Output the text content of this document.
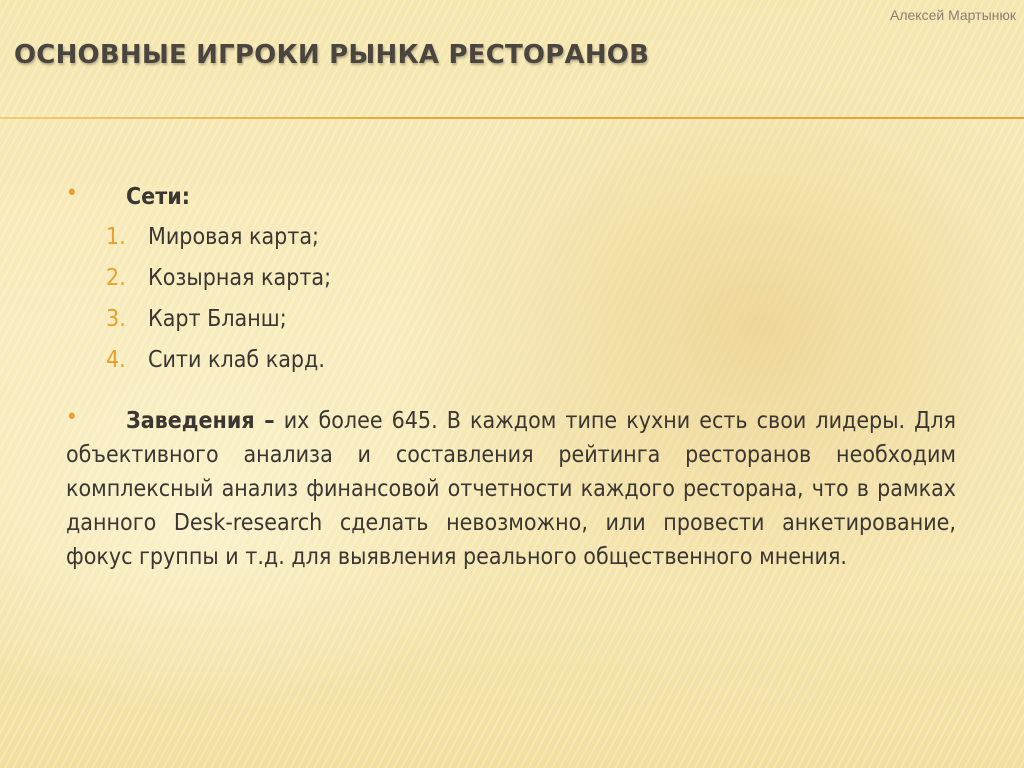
Алексей Мартынюк

ОСНОВНЫЕ ИГРОКИ РЫНКА РЕСТОРАНОВ
• Сети:
1. Мировая карта;
2. Козырная карта;
3. Карт Бланш;
4. Сити клаб кард.

• Заведения – их более 645. В каждом типе кухни есть свои лидеры. Для объективного анализа и составления рейтинга ресторанов необходим комплексный анализ финансовой отчетности каждого ресторана, что в рамках данного Desk-research сделать невозможно, или провести анкетирование, фокус группы и т.д. для выявления реального общественного мнения.
